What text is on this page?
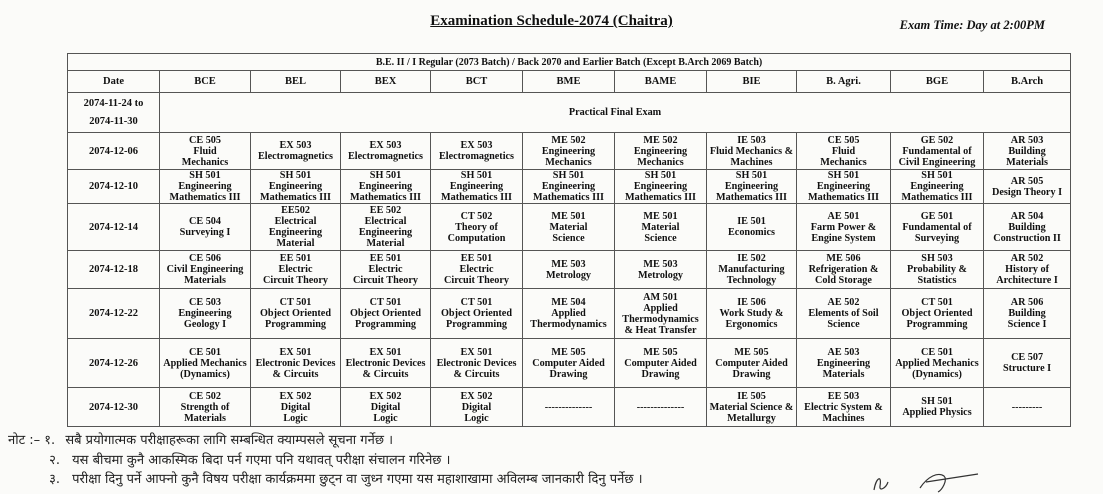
Examination Schedule-2074 (Chaitra)	Exam Time: Day at 2:00PM
B.E. II / I Regular (2073 Batch) / Back 2070 and Earlier Batch (Except B.Arch 2069 Batch)										
Date	BCE	BEL	BEX	BCT	BME	BAME	BIE	B. Agri.	BGE	B.Arch

2074-11-24 to
2074-11-30	Practical Final Exam									
2074-12-06	CE 505
Fluid
Mechanics	EX 503
Electromagnetics	EX 503
Electromagnetics	EX 503
Electromagnetics	ME 502
Engineering
Mechanics	ME 502
Engineering
Mechanics	IE 503
Fluid Mechanics &
Machines	CE 505
Fluid
Mechanics	GE 502
Fundamental of
Civil Engineering	AR 503
Building
Materials
2074-12-10	SH 501
Engineering
Mathematics III	SH 501
Engineering
Mathematics III	SH 501
Engineering
Mathematics III	SH 501
Engineering
Mathematics III	SH 501
Engineering
Mathematics III	SH 501
Engineering
Mathematics III	SH 501
Engineering
Mathematics III	SH 501
Engineering
Mathematics III	SH 501
Engineering
Mathematics III	AR 505
Design Theory I
2074-12-14	CE 504
Surveying I	EE502
Electrical
Engineering
Material	EE 502
Electrical
Engineering
Material	CT 502
Theory of
Computation	ME 501
Material
Science	ME 501
Material
Science	IE 501
Economics	AE 501
Farm Power &
Engine System	GE 501
Fundamental of
Surveying	AR 504
Building
Construction II
2074-12-18	CE 506
Civil Engineering
Materials	EE 501
Electric
Circuit Theory	EE 501
Electric
Circuit Theory	EE 501
Electric
Circuit Theory	ME 503
Metrology	ME 503
Metrology	IE 502
Manufacturing
Technology	ME 506
Refrigeration &
Cold Storage	SH 503
Probability &
Statistics	AR 502
History of
Architecture I
2074-12-22	CE 503
Engineering
Geology I	CT 501
Object Oriented
Programming	CT 501
Object Oriented
Programming	CT 501
Object Oriented
Programming	ME 504
Applied
Thermodynamics	AM 501
Applied
Thermodynamics
& Heat Transfer	IE 506
Work Study &
Ergonomics	AE 502
Elements of Soil
Science	CT 501
Object Oriented
Programming	AR 506
Building
Science I
2074-12-26	CE 501
Applied Mechanics
(Dynamics)	EX 501
Electronic Devices
& Circuits	EX 501
Electronic Devices
& Circuits	EX 501
Electronic Devices
& Circuits	ME 505
Computer Aided
Drawing	ME 505
Computer Aided
Drawing	ME 505
Computer Aided
Drawing	AE 503
Engineering
Materials	CE 501
Applied Mechanics
(Dynamics)	CE 507
Structure I
2074-12-30	CE 502
Strength of
Materials	EX 502
Digital
Logic	EX 502
Digital
Logic	EX 502
Digital
Logic	--------------	--------------	IE 505
Material Science &
Metallurgy	EE 503
Electric System &
Machines	SH 501
Applied Physics	---------
नोट :– १. सबै प्रयोगात्मक परीक्षाहरूका लागि सम्बन्धित क्याम्पसले सूचना गर्नेछ ।
२. यस बीचमा कुनै आकस्मिक बिदा पर्न गएमा पनि यथावत् परीक्षा संचालन गरिनेछ ।
३. परीक्षा दिनु पर्ने आफ्नो कुनै विषय परीक्षा कार्यक्रममा छुट्न वा जुध्न गएमा यस महाशाखामा अविलम्ब जानकारी दिनु पर्नेछ ।
